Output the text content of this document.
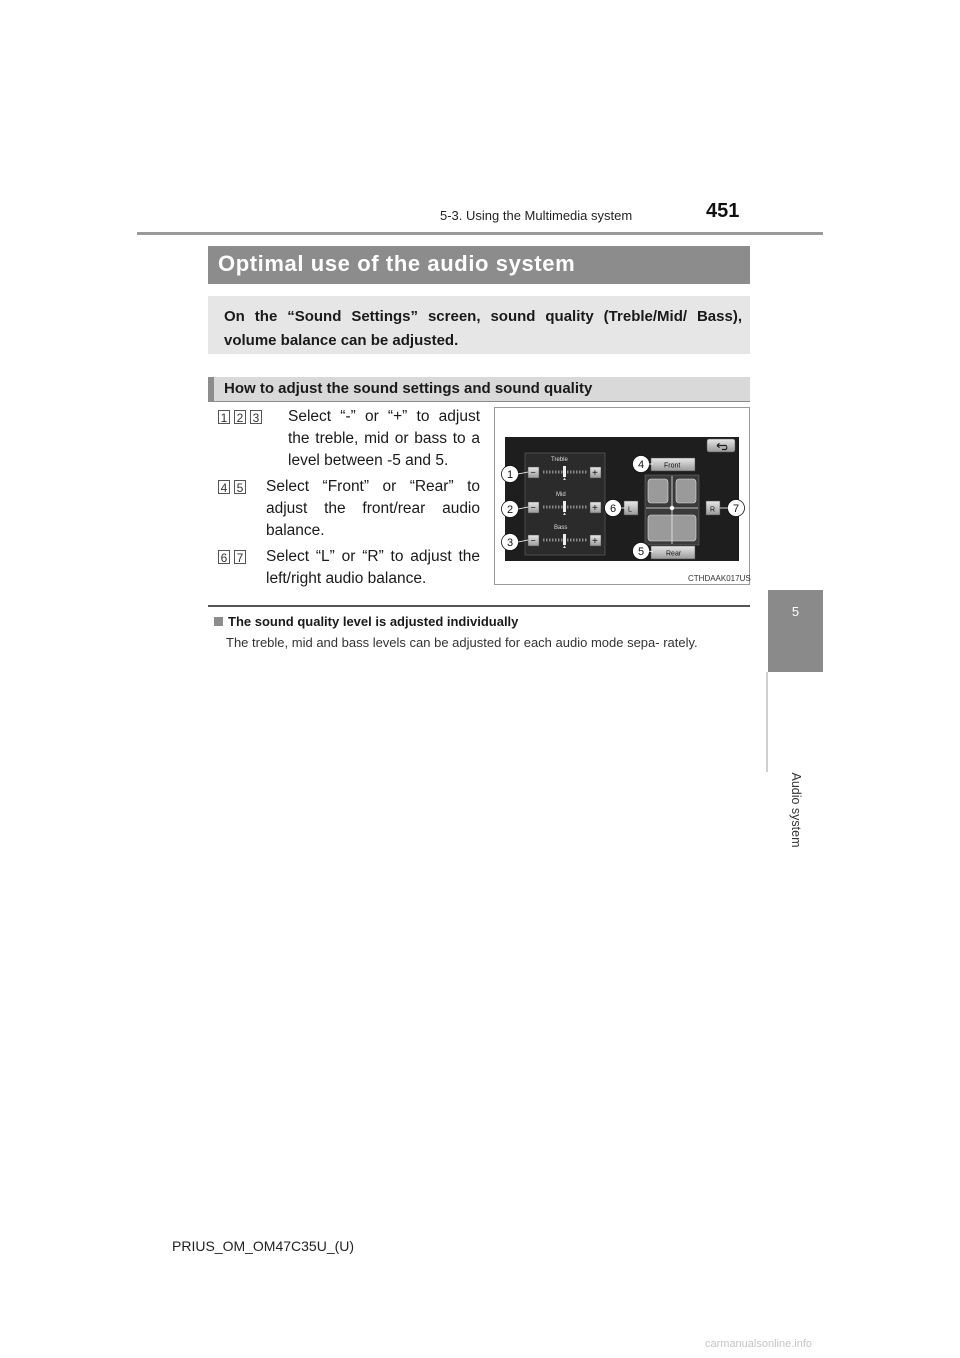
5-3. Using the Multimedia system	451
5
Audio system
Optimal use of the audio system
On the “Sound Settings” screen, sound quality (Treble/Mid/ Bass), volume balance can be adjusted.
How to adjust the sound settings and sound quality
1 2 3 Select “-” or “+” to adjust the treble, mid or bass to a level between -5 and 5.
4 5 Select “Front” or “Rear” to adjust the front/rear audio balance.
6 7 Select “L” or “R” to adjust the left/right audio balance.
Treble
−	+
Mid
−	+
Bass
−	+
Front
L	R
Rear
1
2
3
4
5
6	7
CTHDAAK017US
The sound quality level is adjusted individually
The treble, mid and bass levels can be adjusted for each audio mode sepa- rately.
PRIUS_OM_OM47C35U_(U)
carmanualsonline.info
